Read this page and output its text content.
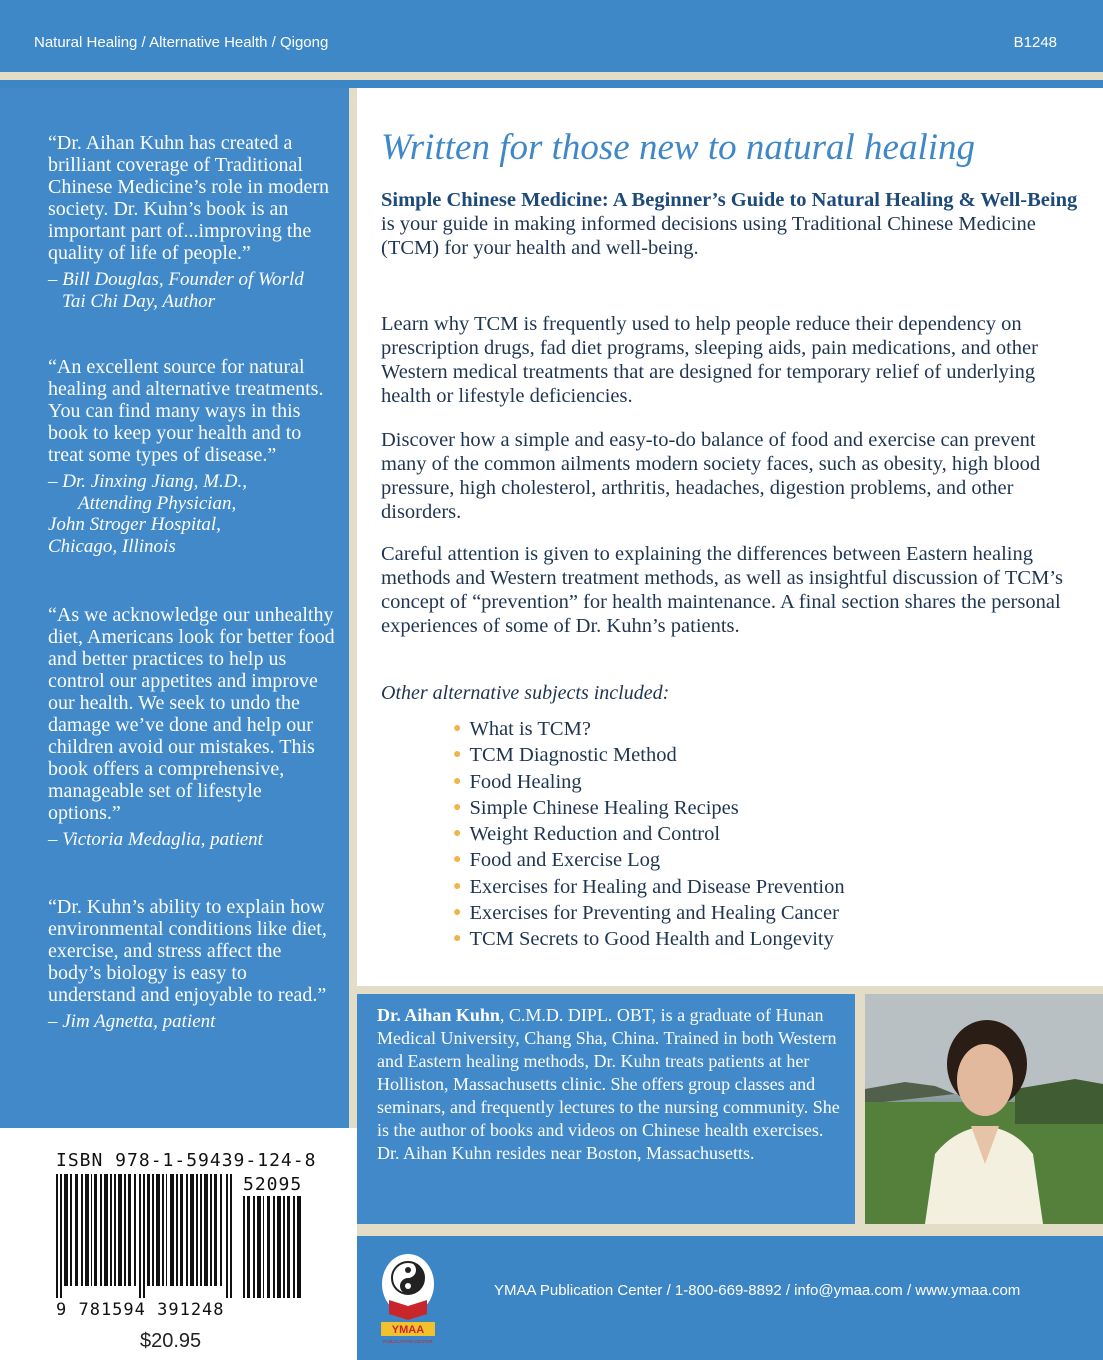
Natural Healing / Alternative Health / Qigong	B1248

“Dr. Aihan Kuhn has created a brilliant coverage of Traditional Chinese Medicine’s role in modern society. Dr. Kuhn’s book is an important part of...improving the quality of life of people.”

– Bill Douglas, Founder of World
Tai Chi Day, Author

“An excellent source for natural healing and alternative treatments. You can find many ways in this book to keep your health and to treat some types of disease.”

– Dr. Jinxing Jiang, M.D.,
Attending Physician,
John Stroger Hospital,
Chicago, Illinois

“As we acknowledge our unhealthy diet, Americans look for better food and better practices to help us control our appetites and improve our health. We seek to undo the damage we’ve done and help our children avoid our mistakes. This book offers a comprehensive, manageable set of lifestyle options.”

– Victoria Medaglia, patient

“Dr. Kuhn’s ability to explain how environmental conditions like diet, exercise, and stress affect the body’s biology is easy to understand and enjoyable to read.”

– Jim Agnetta, patient

ISBN 978-1-59439-124-8
52095
9 781594 391248
$20.95
Written for those new to natural healing

Simple Chinese Medicine: A Beginner’s Guide to Natural Healing & Well-Being is your guide in making informed decisions using Traditional Chinese Medicine (TCM) for your health and well-being.

Learn why TCM is frequently used to help people reduce their dependency on prescription drugs, fad diet programs, sleeping aids, pain medications, and other Western medical treatments that are designed for temporary relief of underlying health or lifestyle deficiencies.

Discover how a simple and easy-to-do balance of food and exercise can prevent many of the common ailments modern society faces, such as obesity, high blood pressure, high cholesterol, arthritis, headaches, digestion problems, and other disorders.

Careful attention is given to explaining the differences between Eastern healing methods and Western treatment methods, as well as insightful discussion of TCM’s concept of “prevention” for health maintenance. A final section shares the personal experiences of some of Dr. Kuhn’s patients.

Other alternative subjects included:

● What is TCM?
● TCM Diagnostic Method
● Food Healing
● Simple Chinese Healing Recipes
● Weight Reduction and Control
● Food and Exercise Log
● Exercises for Healing and Disease Prevention
● Exercises for Preventing and Healing Cancer
● TCM Secrets to Good Health and Longevity

Dr. Aihan Kuhn, C.M.D. DIPL. OBT, is a graduate of Hunan Medical University, Chang Sha, China. Trained in both Western and Eastern healing methods, Dr. Kuhn treats patients at her Holliston, Massachusetts clinic. She offers group classes and seminars, and frequently lectures to the nursing community. She is the author of books and videos on Chinese health exercises. Dr. Aihan Kuhn resides near Boston, Massachusetts.

YMAA
PUBLICATION CENTER
YMAA Publication Center / 1-800-669-8892 / info@ymaa.com / www.ymaa.com
